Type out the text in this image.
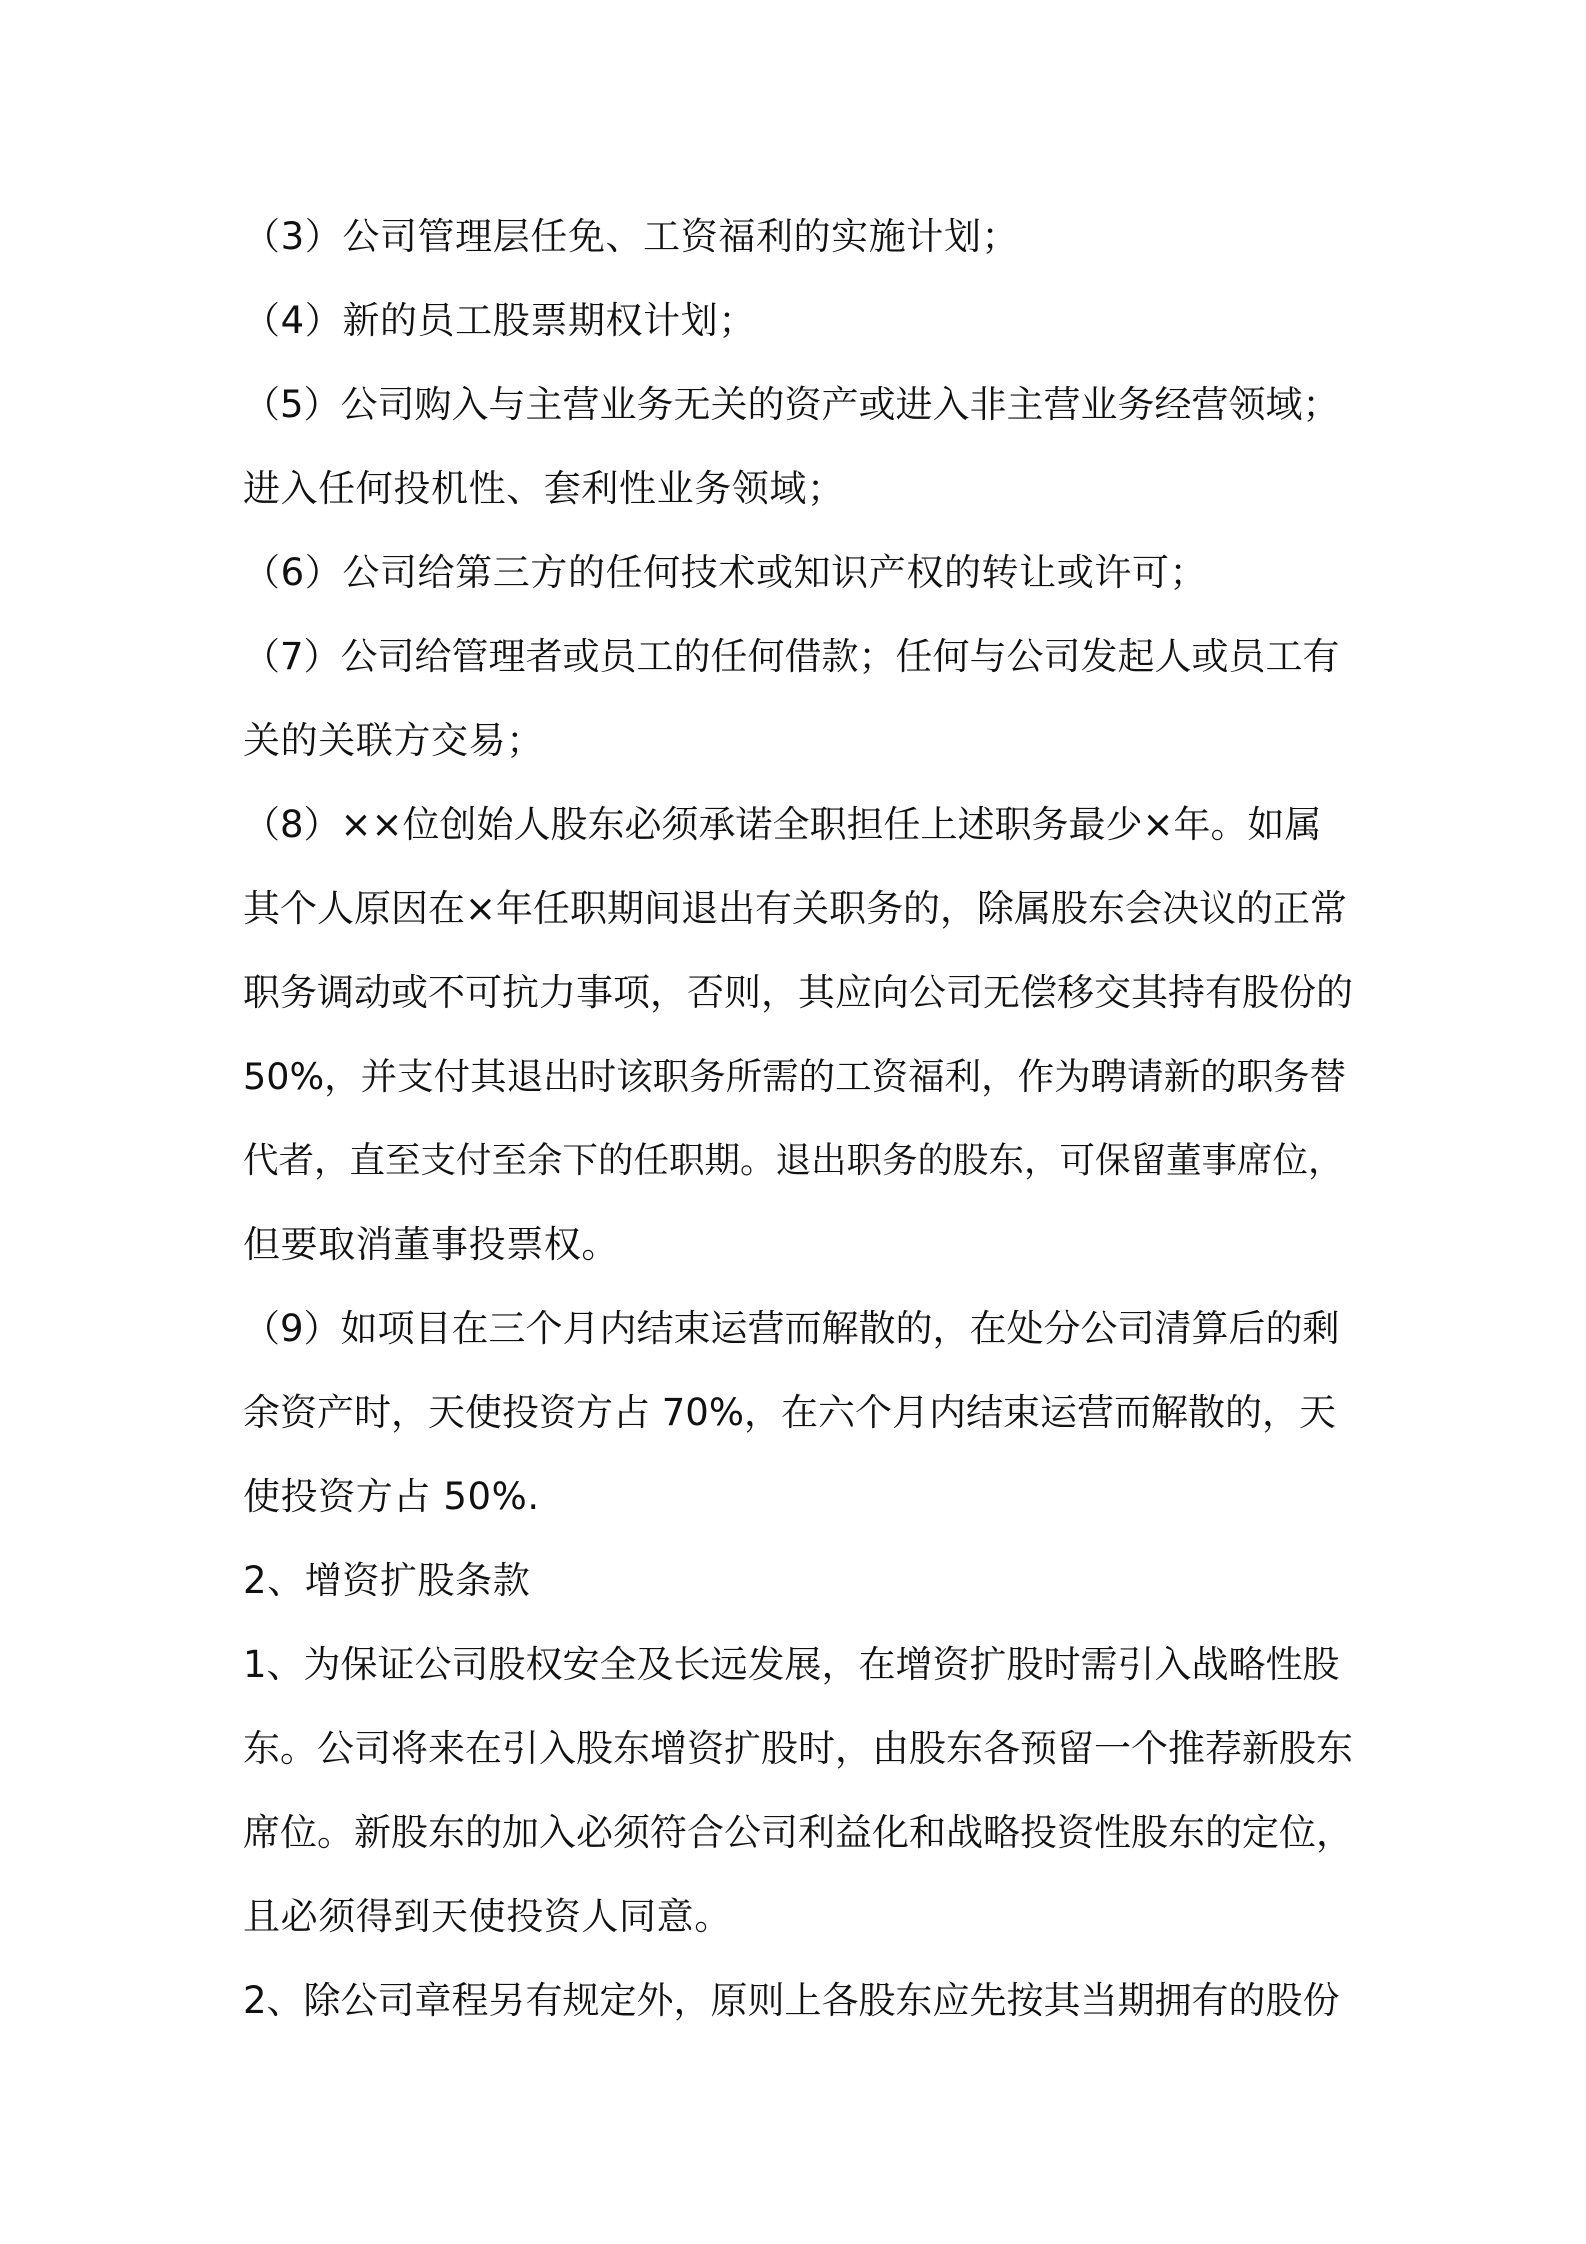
（3）公司管理层任免、工资福利的实施计划；
（4）新的员工股票期权计划；
（5）公司购入与主营业务无关的资产或进入非主营业务经营领域；
进入任何投机性、套利性业务领域；
（6）公司给第三方的任何技术或知识产权的转让或许可；
（7）公司给管理者或员工的任何借款；任何与公司发起人或员工有
关的关联方交易；
（8）××位创始人股东必须承诺全职担任上述职务最少×年。如属
其个人原因在×年任职期间退出有关职务的，除属股东会决议的正常
职务调动或不可抗力事项，否则，其应向公司无偿移交其持有股份的
50%，并支付其退出时该职务所需的工资福利，作为聘请新的职务替
代者，直至支付至余下的任职期。退出职务的股东，可保留董事席位，
但要取消董事投票权。
（9）如项目在三个月内结束运营而解散的，在处分公司清算后的剩
余资产时，天使投资方占 70%，在六个月内结束运营而解散的，天
使投资方占 50%.
2、增资扩股条款
1、为保证公司股权安全及长远发展，在增资扩股时需引入战略性股
东。公司将来在引入股东增资扩股时，由股东各预留一个推荐新股东
席位。新股东的加入必须符合公司利益化和战略投资性股东的定位，
且必须得到天使投资人同意。
2、除公司章程另有规定外，原则上各股东应先按其当期拥有的股份
